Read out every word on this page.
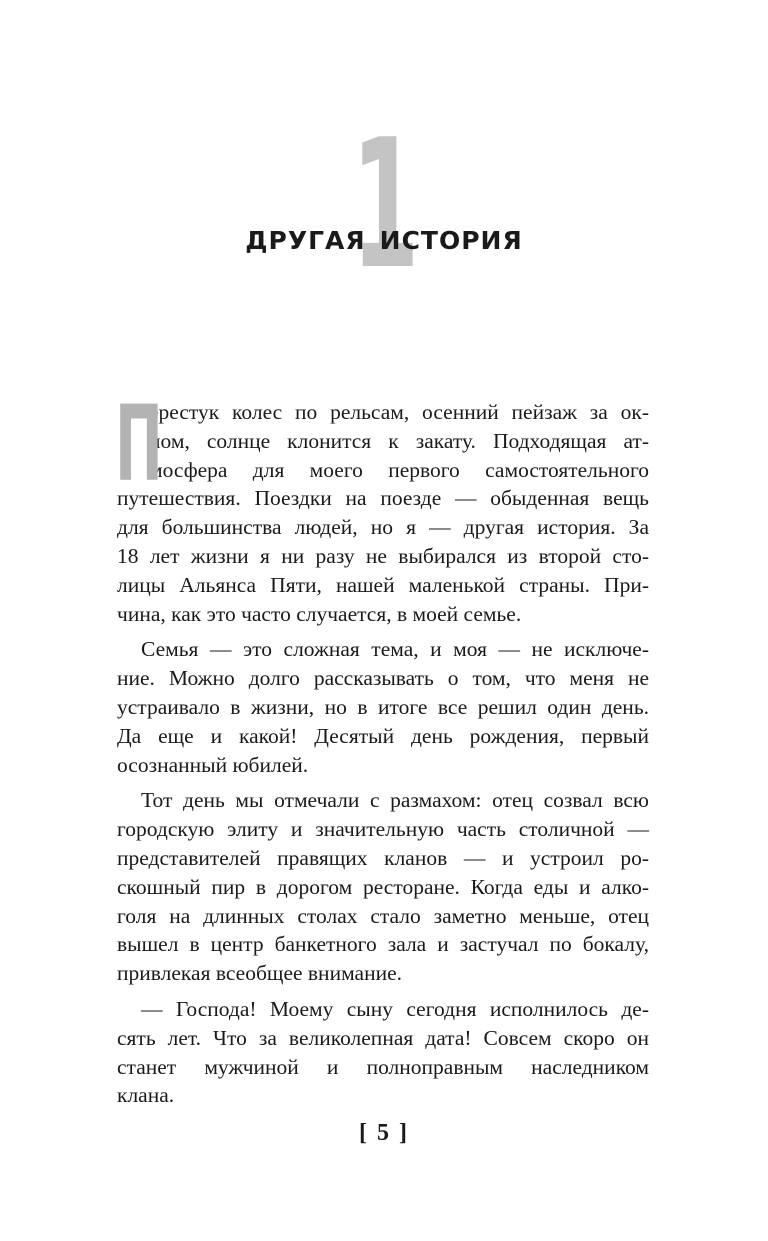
1
ДРУГАЯ ИСТОРИЯ
П
ерестук колес по рельсам, осенний пейзаж за ок-
ном, солнце клонится к закату. Подходящая ат-
мосфера для моего первого самостоятельного
путешествия. Поездки на поезде — обыденная вещь
для большинства людей, но я — другая история. За
18 лет жизни я ни разу не выбирался из второй сто-
лицы Альянса Пяти, нашей маленькой страны. При-
чина, как это часто случается, в моей семье.
Семья — это сложная тема, и моя — не исключе-
ние. Можно долго рассказывать о том, что меня не
устраивало в жизни, но в итоге все решил один день.
Да еще и какой! Десятый день рождения, первый
осознанный юбилей.
Тот день мы отмечали с размахом: отец созвал всю
городскую элиту и значительную часть столичной —
представителей правящих кланов — и устроил ро-
скошный пир в дорогом ресторане. Когда еды и алко-
голя на длинных столах стало заметно меньше, отец
вышел в центр банкетного зала и застучал по бокалу,
привлекая всеобщее внимание.
— Господа! Моему сыну сегодня исполнилось де-
сять лет. Что за великолепная дата! Совсем скоро он
станет мужчиной и полноправным наследником
клана.
[ 5 ]
